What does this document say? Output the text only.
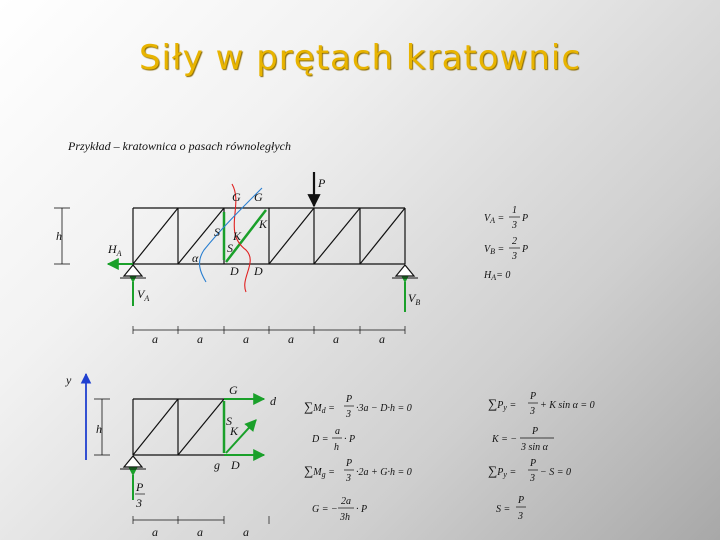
Siły w prętach kratownic
Przykład – kratownica o pasach równoległych
G G
P
S
S
K
K
D D
h
α
$H_A$
$V_A$	$V_B$
a	a	a	a	a	a
$V_A$ =
1
3
P
$V_B$ =
2
3
P
$H_A= 0$
y
G
d
S
K
g D
h
P
3
a	a	a
$\sum M_d$ =
P
3
·3a − D·h = 0
D =
a
h
· P
$\sum M_g$ =
P
3
·2a + G·h = 0
G = −
2a
3h
· P
$\sum P_y$ =
P
3
+ K sin α = 0
K = −
P
3 sin α
$\sum P_y$ =
P
3
− S = 0
S =
P
3
